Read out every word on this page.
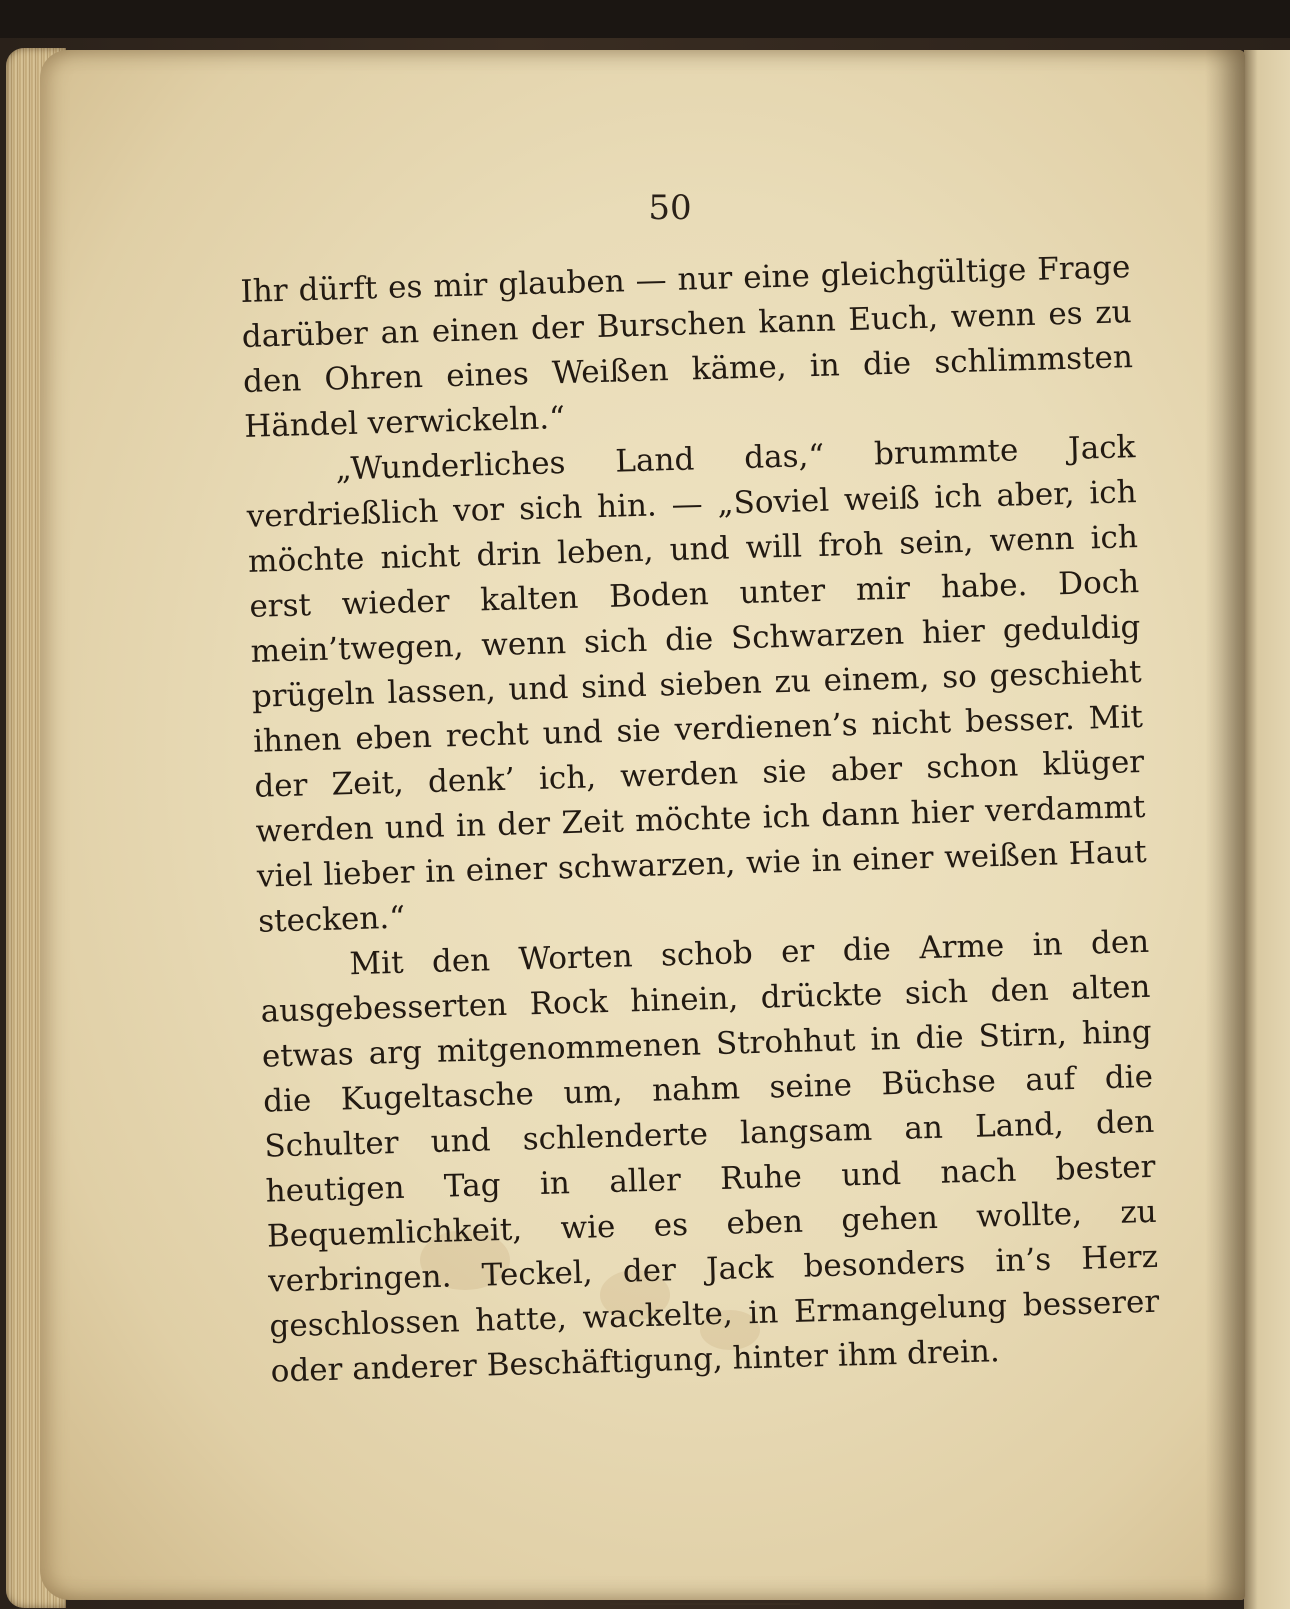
50

Ihr dürft es mir glauben — nur eine gleichgültige Frage darüber an einen der Burschen kann Euch, wenn es zu den Ohren eines Weißen käme, in die schlimmsten Händel verwickeln.“

„Wunderliches Land das,“ brummte Jack verdrießlich vor sich hin. — „Soviel weiß ich aber, ich möchte nicht drin leben, und will froh sein, wenn ich erst wieder kalten Boden unter mir habe. Doch mein’twegen, wenn sich die Schwarzen hier geduldig prügeln lassen, und sind sieben zu einem, so geschieht ihnen eben recht und sie verdienen’s nicht besser. Mit der Zeit, denk’ ich, werden sie aber schon klüger werden und in der Zeit möchte ich dann hier verdammt viel lieber in einer schwarzen, wie in einer weißen Haut stecken.“

Mit den Worten schob er die Arme in den ausgebesserten Rock hinein, drückte sich den alten etwas arg mitgenommenen Strohhut in die Stirn, hing die Kugeltasche um, nahm seine Büchse auf die Schulter und schlenderte langsam an Land, den heutigen Tag in aller Ruhe und nach bester Bequemlichkeit, wie es eben gehen wollte, zu verbringen. Teckel, der Jack besonders in’s Herz geschlossen hatte, wackelte, in Ermangelung besserer oder anderer Beschäftigung, hinter ihm drein.
